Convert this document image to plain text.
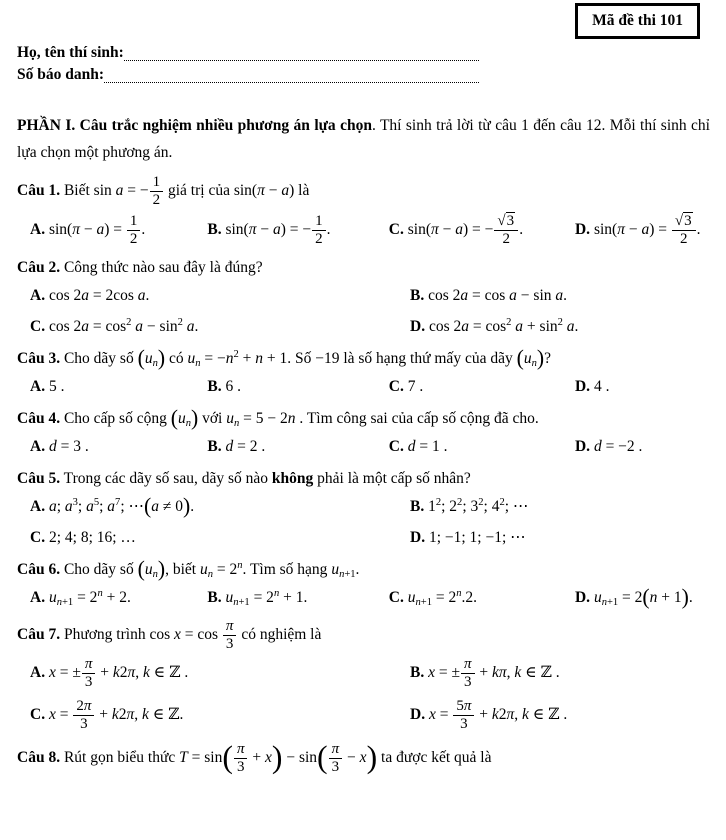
Mã đề thi 101
Họ, tên thí sinh:
Số báo danh:

PHẦN I. Câu trắc nghiệm nhiều phương án lựa chọn. Thí sinh trả lời từ câu 1 đến câu 12. Mỗi thí sinh chỉ lựa chọn một phương án.

Câu 1. Biết sin a = − $\frac{1}{2}$ giá trị của sin(π − a) là
A. $\sin(\pi - a) = \frac{1}{2}$ .	B. sin(π − a) = − $\frac{1}{2}$ .	C. sin(π − a) = − $\frac{√3}{2}$ .	D. $\sin(\pi - a) = \frac{√3}{2}$ .
Câu 2. Công thức nào sau đây là đúng?
A. cos 2a = 2cos a.	B. cos 2a = cos a − sin a.
C. $\cos 2a = \cos^2 a - \sin^2 a$.	D. $\cos 2a = \cos^2 a + \sin^2 a$.
Câu 3. Cho dãy số $(u_n)$ có $u_n = -n^2 + n + 1$. Số −19 là số hạng thứ mấy của dãy $(u_n)$?
A. 5 .	B. 6 .	C. 7 .	D. 4 .
Câu 4. Cho cấp số cộng $(u_n)$ với $u_n = 5 - 2n$ . Tìm công sai của cấp số cộng đã cho.
A. d = 3 .	B. d = 2 .	C. d = 1 .	D. d = −2 .
Câu 5. Trong các dãy số sau, dãy số nào không phải là một cấp số nhân?
A. a; $a^3$; $a^5$; $a^7$; ⋯(a ≠ 0).	B. $1^2$; $2^2$; $3^2$; $4^2$; ⋯
C. 2; 4; 8; 16; …	D. 1; −1; 1; −1; ⋯
Câu 6. Cho dãy số $(u_n)$, biết $u_n = 2^n$. Tìm số hạng $u_{n+1}$.
A. $u_{n+1} = 2^n + 2$.	B. $u_{n+1} = 2^n + 1$.	C. $u_{n+1} = 2^n.2$.	D. $u_{n+1} = 2(n + 1)$.
Câu 7. Phương trình $\cos x = \cos \frac{\pi}{3}$ có nghiệm là
A. x = ± $\frac{\pi}{3} + k2\pi$, k ∈ ℤ .	B. x = ± $\frac{\pi}{3} + k\pi$, k ∈ ℤ .
C. $x = \frac{2\pi}{3} + k2\pi$, k ∈ ℤ.	D. $x = \frac{5\pi}{3} + k2\pi$, k ∈ ℤ .
Câu 8. Rút gọn biểu thức $T = \sin( \frac{\pi}{3} + x) - \sin( \frac{\pi}{3} - x)$ ta được kết quả là
